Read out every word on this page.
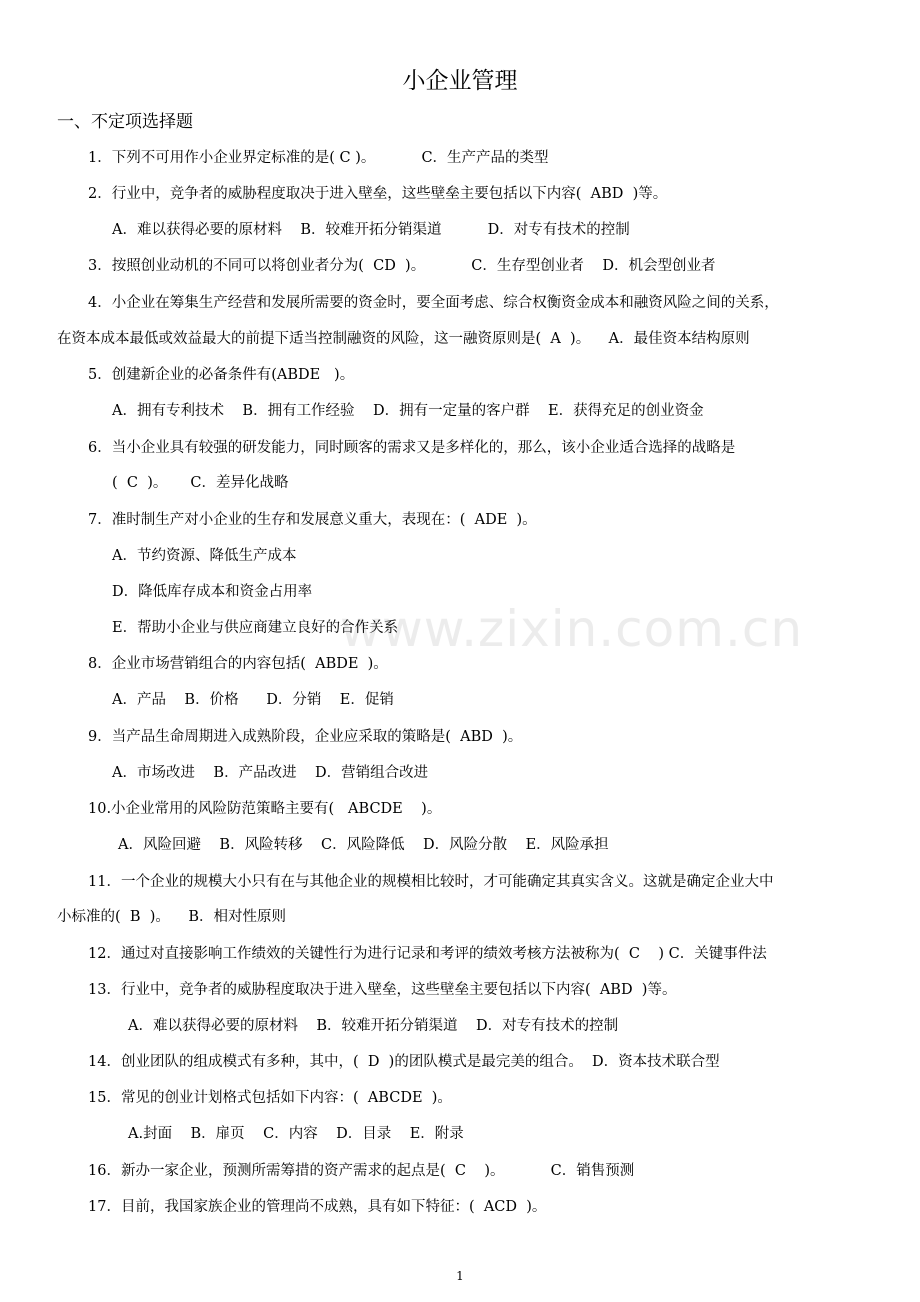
www.zixin.com.cn
小企业管理
一、不定项选择题
1．下列不可用作小企业界定标准的是( C )。          C．生产产品的类型
2．行业中，竞争者的威胁程度取决于进入壁垒，这些壁垒主要包括以下内容(  ABD  )等。
A．难以获得必要的原材料    B．较难开拓分销渠道          D．对专有技术的控制
3．按照创业动机的不同可以将创业者分为(  CD  )。          C．生存型创业者    D．机会型创业者
4．小企业在筹集生产经营和发展所需要的资金时，要全面考虑、综合权衡资金成本和融资风险之间的关系，
在资本成本最低或效益最大的前提下适当控制融资的风险，这一融资原则是(  A  )。    A．最佳资本结构原则
5．创建新企业的必备条件有(ABDE   )。
A．拥有专利技术    B．拥有工作经验    D．拥有一定量的客户群    E．获得充足的创业资金
6．当小企业具有较强的研发能力，同时顾客的需求又是多样化的，那么，该小企业适合选择的战略是
(  C  )。     C．差异化战略
7．准时制生产对小企业的生存和发展意义重大，表现在：(  ADE  )。
A．节约资源、降低生产成本
D．降低库存成本和资金占用率
E．帮助小企业与供应商建立良好的合作关系
8．企业市场营销组合的内容包括(  ABDE  )。
A．产品    B．价格      D．分销    E．促销
9．当产品生命周期进入成熟阶段，企业应采取的策略是(  ABD  )。
A．市场改进    B．产品改进    D．营销组合改进
10.小企业常用的风险防范策略主要有(   ABCDE    )。
A．风险回避    B．风险转移    C．风险降低    D．风险分散    E．风险承担
11．一个企业的规模大小只有在与其他企业的规模相比较时，才可能确定其真实含义。这就是确定企业大中
小标准的(  B  )。    B．相对性原则
12．通过对直接影响工作绩效的关键性行为进行记录和考评的绩效考核方法被称为(  C    ) C．关键事件法
13．行业中，竞争者的威胁程度取决于进入壁垒，这些壁垒主要包括以下内容(  ABD  )等。
A．难以获得必要的原材料    B．较难开拓分销渠道    D．对专有技术的控制
14．创业团队的组成模式有多种，其中，(  D  )的团队模式是最完美的组合。  D．资本技术联合型
15．常见的创业计划格式包括如下内容：(  ABCDE  )。
A.封面    B．扉页    C．内容    D．目录    E．附录
16．新办一家企业，预测所需筹措的资产需求的起点是(  C    )。          C．销售预测
17．目前，我国家族企业的管理尚不成熟，具有如下特征：(  ACD  )。
1
